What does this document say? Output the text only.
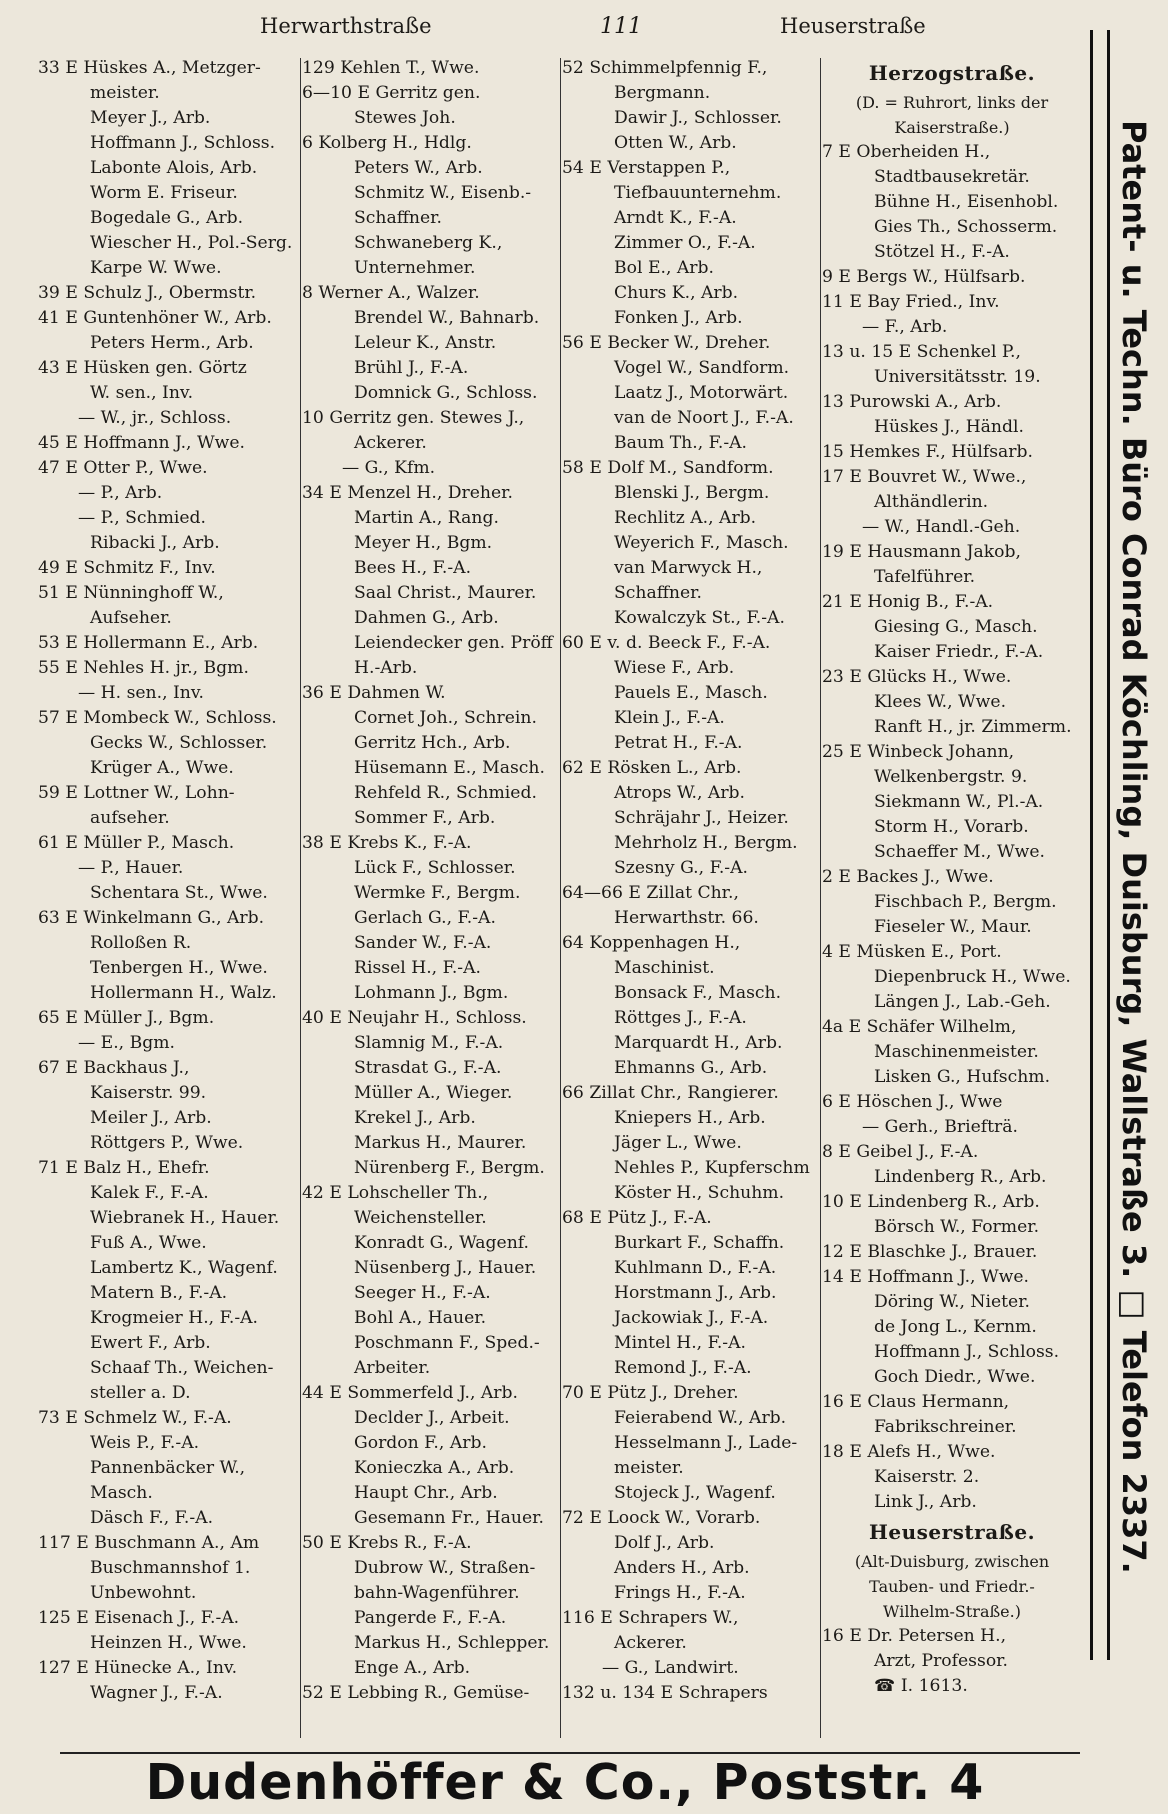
Herwarthstraße	111	Heuserstraße
33 E Hüskes A., Metzger-
meister.
Meyer J., Arb.
Hoffmann J., Schloss.
Labonte Alois, Arb.
Worm E. Friseur.
Bogedale G., Arb.
Wiescher H., Pol.-Serg.
Karpe W. Wwe.
39 E Schulz J., Obermstr.
41 E Guntenhöner W., Arb.
Peters Herm., Arb.
43 E Hüsken gen. Görtz
W. sen., Inv.
— W., jr., Schloss.
45 E Hoffmann J., Wwe.
47 E Otter P., Wwe.
— P., Arb.
— P., Schmied.
Ribacki J., Arb.
49 E Schmitz F., Inv.
51 E Nünninghoff W.,
Aufseher.
53 E Hollermann E., Arb.
55 E Nehles H. jr., Bgm.
— H. sen., Inv.
57 E Mombeck W., Schloss.
Gecks W., Schlosser.
Krüger A., Wwe.
59 E Lottner W., Lohn-
aufseher.
61 E Müller P., Masch.
— P., Hauer.
Schentara St., Wwe.
63 E Winkelmann G., Arb.
Rolloßen R.
Tenbergen H., Wwe.
Hollermann H., Walz.
65 E Müller J., Bgm.
— E., Bgm.
67 E Backhaus J.,
Kaiserstr. 99.
Meiler J., Arb.
Röttgers P., Wwe.
71 E Balz H., Ehefr.
Kalek F., F.-A.
Wiebranek H., Hauer.
Fuß A., Wwe.
Lambertz K., Wagenf.
Matern B., F.-A.
Krogmeier H., F.-A.
Ewert F., Arb.
Schaaf Th., Weichen-
steller a. D.
73 E Schmelz W., F.-A.
Weis P., F.-A.
Pannenbäcker W.,
Masch.
Däsch F., F.-A.
117 E Buschmann A., Am
Buschmannshof 1.
Unbewohnt.
125 E Eisenach J., F.-A.
Heinzen H., Wwe.
127 E Hünecke A., Inv.
Wagner J., F.-A.
129 Kehlen T., Wwe.
6—10 E Gerritz gen.
Stewes Joh.
6 Kolberg H., Hdlg.
Peters W., Arb.
Schmitz W., Eisenb.-
Schaffner.
Schwaneberg K.,
Unternehmer.
8 Werner A., Walzer.
Brendel W., Bahnarb.
Leleur K., Anstr.
Brühl J., F.-A.
Domnick G., Schloss.
10 Gerritz gen. Stewes J.,
Ackerer.
— G., Kfm.
34 E Menzel H., Dreher.
Martin A., Rang.
Meyer H., Bgm.
Bees H., F.-A.
Saal Christ., Maurer.
Dahmen G., Arb.
Leiendecker gen. Pröff
H.-Arb.
36 E Dahmen W.
Cornet Joh., Schrein.
Gerritz Hch., Arb.
Hüsemann E., Masch.
Rehfeld R., Schmied.
Sommer F., Arb.
38 E Krebs K., F.-A.
Lück F., Schlosser.
Wermke F., Bergm.
Gerlach G., F.-A.
Sander W., F.-A.
Rissel H., F.-A.
Lohmann J., Bgm.
40 E Neujahr H., Schloss.
Slamnig M., F.-A.
Strasdat G., F.-A.
Müller A., Wieger.
Krekel J., Arb.
Markus H., Maurer.
Nürenberg F., Bergm.
42 E Lohscheller Th.,
Weichensteller.
Konradt G., Wagenf.
Nüsenberg J., Hauer.
Seeger H., F.-A.
Bohl A., Hauer.
Poschmann F., Sped.-
Arbeiter.
44 E Sommerfeld J., Arb.
Declder J., Arbeit.
Gordon F., Arb.
Konieczka A., Arb.
Haupt Chr., Arb.
Gesemann Fr., Hauer.
50 E Krebs R., F.-A.
Dubrow W., Straßen-
bahn-Wagenführer.
Pangerde F., F.-A.
Markus H., Schlepper.
Enge A., Arb.
52 E Lebbing R., Gemüse-
52 Schimmelpfennig F.,
Bergmann.
Dawir J., Schlosser.
Otten W., Arb.
54 E Verstappen P.,
Tiefbauunternehm.
Arndt K., F.-A.
Zimmer O., F.-A.
Bol E., Arb.
Churs K., Arb.
Fonken J., Arb.
56 E Becker W., Dreher.
Vogel W., Sandform.
Laatz J., Motorwärt.
van de Noort J., F.-A.
Baum Th., F.-A.
58 E Dolf M., Sandform.
Blenski J., Bergm.
Rechlitz A., Arb.
Weyerich F., Masch.
van Marwyck H.,
Schaffner.
Kowalczyk St., F.-A.
60 E v. d. Beeck F., F.-A.
Wiese F., Arb.
Pauels E., Masch.
Klein J., F.-A.
Petrat H., F.-A.
62 E Rösken L., Arb.
Atrops W., Arb.
Schräjahr J., Heizer.
Mehrholz H., Bergm.
Szesny G., F.-A.
64—66 E Zillat Chr.,
Herwarthstr. 66.
64 Koppenhagen H.,
Maschinist.
Bonsack F., Masch.
Röttges J., F.-A.
Marquardt H., Arb.
Ehmanns G., Arb.
66 Zillat Chr., Rangierer.
Kniepers H., Arb.
Jäger L., Wwe.
Nehles P., Kupferschm
Köster H., Schuhm.
68 E Pütz J., F.-A.
Burkart F., Schaffn.
Kuhlmann D., F.-A.
Horstmann J., Arb.
Jackowiak J., F.-A.
Mintel H., F.-A.
Remond J., F.-A.
70 E Pütz J., Dreher.
Feierabend W., Arb.
Hesselmann J., Lade-
meister.
Stojeck J., Wagenf.
72 E Loock W., Vorarb.
Dolf J., Arb.
Anders H., Arb.
Frings H., F.-A.
116 E Schrapers W.,
Ackerer.
— G., Landwirt.
132 u. 134 E Schrapers
Herzogstraße.
(D. = Ruhrort, links der
Kaiserstraße.)
7 E Oberheiden H.,
Stadtbausekretär.
Bühne H., Eisenhobl.
Gies Th., Schosserm.
Stötzel H., F.-A.
9 E Bergs W., Hülfsarb.
11 E Bay Fried., Inv.
— F., Arb.
13 u. 15 E Schenkel P.,
Universitätsstr. 19.
13 Purowski A., Arb.
Hüskes J., Händl.
15 Hemkes F., Hülfsarb.
17 E Bouvret W., Wwe.,
Althändlerin.
— W., Handl.-Geh.
19 E Hausmann Jakob,
Tafelführer.
21 E Honig B., F.-A.
Giesing G., Masch.
Kaiser Friedr., F.-A.
23 E Glücks H., Wwe.
Klees W., Wwe.
Ranft H., jr. Zimmerm.
25 E Winbeck Johann,
Welkenbergstr. 9.
Siekmann W., Pl.-A.
Storm H., Vorarb.
Schaeffer M., Wwe.
2 E Backes J., Wwe.
Fischbach P., Bergm.
Fieseler W., Maur.
4 E Müsken E., Port.
Diepenbruck H., Wwe.
Längen J., Lab.-Geh.
4a E Schäfer Wilhelm,
Maschinenmeister.
Lisken G., Hufschm.
6 E Höschen J., Wwe
— Gerh., Briefträ.
8 E Geibel J., F.-A.
Lindenberg R., Arb.
10 E Lindenberg R., Arb.
Börsch W., Former.
12 E Blaschke J., Brauer.
14 E Hoffmann J., Wwe.
Döring W., Nieter.
de Jong L., Kernm.
Hoffmann J., Schloss.
Goch Diedr., Wwe.
16 E Claus Hermann,
Fabrikschreiner.
18 E Alefs H., Wwe.
Kaiserstr. 2.
Link J., Arb.
Heuserstraße.
(Alt-Duisburg, zwischen
Tauben- und Friedr.-
Wilhelm-Straße.)
16 E Dr. Petersen H.,
Arzt, Professor.
☎ I. 1613.
Patent- u. Techn. Büro Conrad Köchling, Duisburg, Wallstraße 3. □ Telefon 2337.
Dudenhöffer & Co., Poststr. 4
